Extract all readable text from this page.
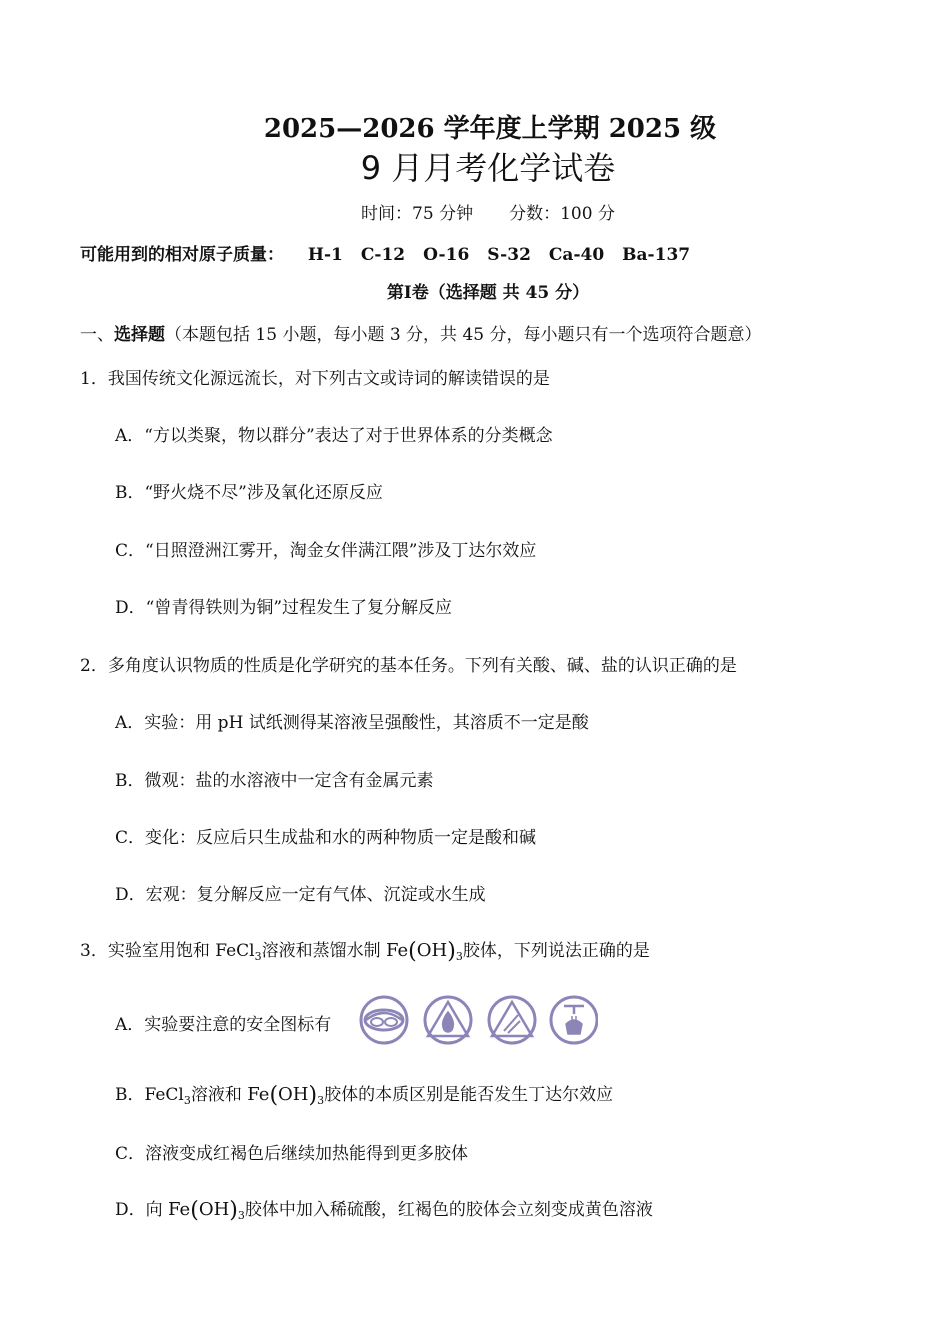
2025—2026 学年度上学期 2025 级
9 月月考化学试卷
时间：75 分钟 分数：100 分
可能用到的相对原子质量： H-1 C-12 O-16 S-32 Ca-40 Ba-137
第Ⅰ卷（选择题 共 45 分）
一、选择题（本题包括 15 小题，每小题 3 分，共 45 分，每小题只有一个选项符合题意）
1．我国传统文化源远流长，对下列古文或诗词的解读错误的是
A．“方以类聚，物以群分”表达了对于世界体系的分类概念
B．“野火烧不尽”涉及氧化还原反应
C．“日照澄洲江雾开，淘金女伴满江隈”涉及丁达尔效应
D．“曾青得铁则为铜”过程发生了复分解反应
2．多角度认识物质的性质是化学研究的基本任务。下列有关酸、碱、盐的认识正确的是
A．实验：用 pH 试纸测得某溶液呈强酸性，其溶质不一定是酸
B．微观：盐的水溶液中一定含有金属元素
C．变化：反应后只生成盐和水的两种物质一定是酸和碱
D．宏观：复分解反应一定有气体、沉淀或水生成
3．实验室用饱和 FeCl$_3$溶液和蒸馏水制 $Fe(OH)_3$胶体，下列说法正确的是
A．实验要注意的安全图标有
B．FeCl$_3$溶液和 $Fe(OH)_3$胶体的本质区别是能否发生丁达尔效应
C．溶液变成红褐色后继续加热能得到更多胶体
D．向 $Fe(OH)_3$胶体中加入稀硫酸，红褐色的胶体会立刻变成黄色溶液
